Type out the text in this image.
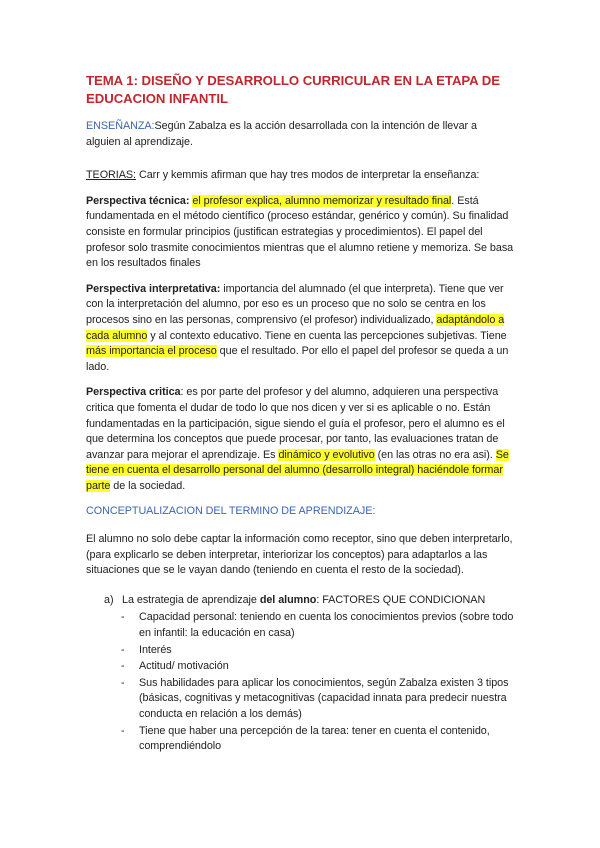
TEMA 1: DISEÑO Y DESARROLLO CURRICULAR EN LA ETAPA DE EDUCACION INFANTIL

ENSEÑANZA:Según Zabalza es la acción desarrollada con la intención de llevar a alguien al aprendizaje.

TEORIAS: Carr y kemmis afirman que hay tres modos de interpretar la enseñanza:

Perspectiva técnica: el profesor explica, alumno memorizar y resultado final. Está fundamentada en el método científico (proceso estándar, genérico y común). Su finalidad consiste en formular principios (justifican estrategias y procedimientos). El papel del profesor solo trasmite conocimientos mientras que el alumno retiene y memoriza. Se basa en los resultados finales

Perspectiva interpretativa: importancia del alumnado (el que interpreta). Tiene que ver con la interpretación del alumno, por eso es un proceso que no solo se centra en los procesos sino en las personas, comprensivo (el profesor) individualizado, adaptándolo a cada alumno y al contexto educativo. Tiene en cuenta las percepciones subjetivas. Tiene más importancia el proceso que el resultado. Por ello el papel del profesor se queda a un lado.

Perspectiva critica: es por parte del profesor y del alumno, adquieren una perspectiva critica que fomenta el dudar de todo lo que nos dicen y ver si es aplicable o no. Están fundamentadas en la participación, sigue siendo el guía el profesor, pero el alumno es el que determina los conceptos que puede procesar, por tanto, las evaluaciones tratan de avanzar para mejorar el aprendizaje. Es dinámico y evolutivo (en las otras no era asi). Se tiene en cuenta el desarrollo personal del alumno (desarrollo integral) haciéndole formar parte de la sociedad.

CONCEPTUALIZACION DEL TERMINO DE APRENDIZAJE:

El alumno no solo debe captar la información como receptor, sino que deben interpretarlo, (para explicarlo se deben interpretar, interiorizar los conceptos) para adaptarlos a las situaciones que se le vayan dando (teniendo en cuenta el resto de la sociedad).

a) La estrategia de aprendizaje del alumno: FACTORES QUE CONDICIONAN
- Capacidad personal: teniendo en cuenta los conocimientos previos (sobre todo en infantil: la educación en casa)
- Interés
- Actitud/ motivación
- Sus habilidades para aplicar los conocimientos, según Zabalza existen 3 tipos (básicas, cognitivas y metacognitivas (capacidad innata para predecir nuestra conducta en relación a los demás)
- Tiene que haber una percepción de la tarea: tener en cuenta el contenido, comprendiéndolo
